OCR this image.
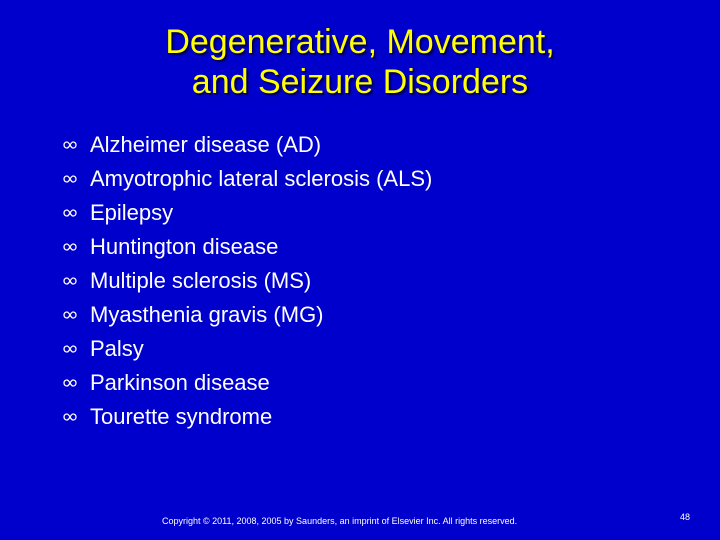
Degenerative, Movement,
and Seizure Disorders
Alzheimer disease (AD)
Amyotrophic lateral sclerosis (ALS)
Epilepsy
Huntington disease
Multiple sclerosis (MS)
Myasthenia gravis (MG)
Palsy
Parkinson disease
Tourette syndrome
Copyright © 2011, 2008, 2005 by Saunders, an imprint of Elsevier Inc. All rights reserved.	48
